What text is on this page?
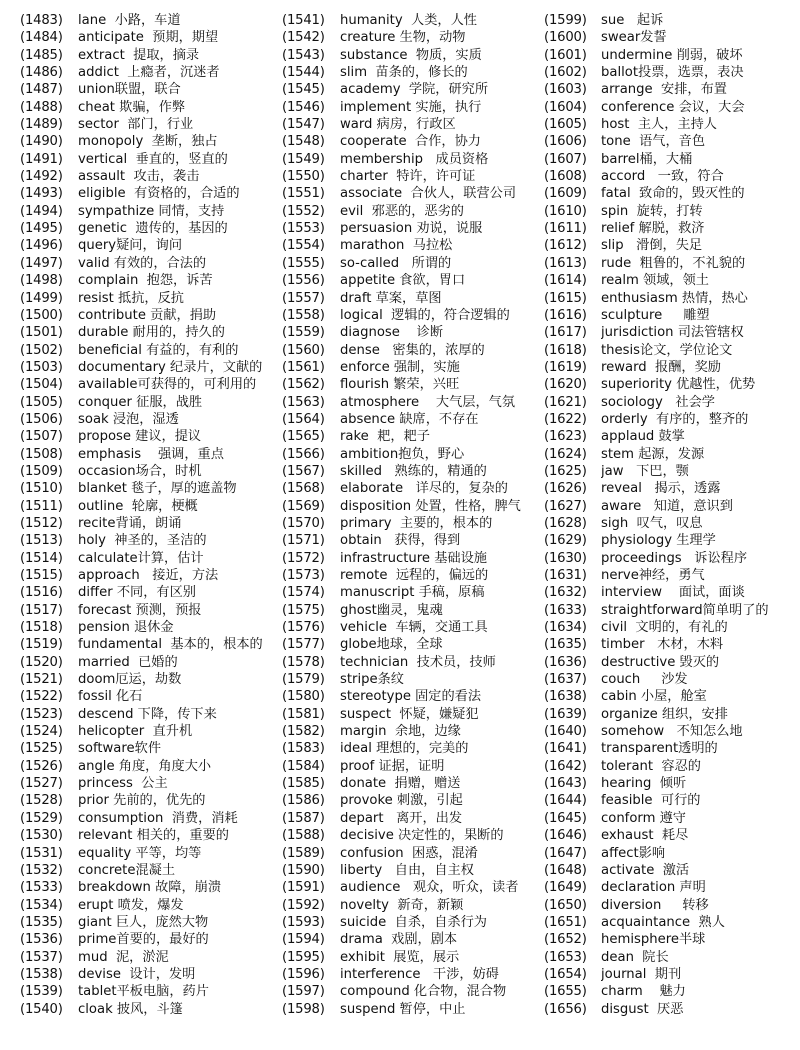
(1483)	lane  小路，车道
(1484)	anticipate  预期，期望
(1485)	extract  提取，摘录
(1486)	addict  上瘾者，沉迷者
(1487)	union联盟，联合
(1488)	cheat 欺骗，作弊
(1489)	sector  部门，行业
(1490)	monopoly  垄断，独占
(1491)	vertical  垂直的，竖直的
(1492)	assault  攻击，袭击
(1493)	eligible  有资格的，合适的
(1494)	sympathize 同情，支持
(1495)	genetic  遗传的，基因的
(1496)	query疑问，询问
(1497)	valid 有效的，合法的
(1498)	complain  抱怨，诉苦
(1499)	resist 抵抗，反抗
(1500)	contribute 贡献，捐助
(1501)	durable 耐用的，持久的
(1502)	beneficial 有益的，有利的
(1503)	documentary 纪录片，文献的
(1504)	available可获得的，可利用的
(1505)	conquer 征服，战胜
(1506)	soak 浸泡，湿透
(1507)	propose 建议，提议
(1508)	emphasis    强调，重点
(1509)	occasion场合，时机
(1510)	blanket 毯子，厚的遮盖物
(1511)	outline  轮廓，梗概
(1512)	recite背诵，朗诵
(1513)	holy  神圣的，圣洁的
(1514)	calculate计算，估计
(1515)	approach   接近，方法
(1516)	differ 不同，有区别
(1517)	forecast 预测，预报
(1518)	pension 退休金
(1519)	fundamental  基本的，根本的
(1520)	married  已婚的
(1521)	doom厄运，劫数
(1522)	fossil 化石
(1523)	descend 下降，传下来
(1524)	helicopter  直升机
(1525)	software软件
(1526)	angle 角度，角度大小
(1527)	princess  公主
(1528)	prior 先前的，优先的
(1529)	consumption  消费，消耗
(1530)	relevant 相关的，重要的
(1531)	equality 平等，均等
(1532)	concrete混凝土
(1533)	breakdown 故障，崩溃
(1534)	erupt 喷发，爆发
(1535)	giant 巨人，庞然大物
(1536)	prime首要的，最好的
(1537)	mud  泥，淤泥
(1538)	devise  设计，发明
(1539)	tablet平板电脑，药片
(1540)	cloak 披风，斗篷
(1541)	humanity  人类，人性
(1542)	creature 生物，动物
(1543)	substance  物质，实质
(1544)	slim  苗条的，修长的
(1545)	academy  学院，研究所
(1546)	implement 实施，执行
(1547)	ward 病房，行政区
(1548)	cooperate  合作，协力
(1549)	membership   成员资格
(1550)	charter  特许，许可证
(1551)	associate  合伙人，联营公司
(1552)	evil  邪恶的，恶劣的
(1553)	persuasion 劝说，说服
(1554)	marathon  马拉松
(1555)	so-called   所谓的
(1556)	appetite 食欲，胃口
(1557)	draft 草案，草图
(1558)	logical  逻辑的，符合逻辑的
(1559)	diagnose    诊断
(1560)	dense   密集的，浓厚的
(1561)	enforce 强制，实施
(1562)	flourish 繁荣，兴旺
(1563)	atmosphere    大气层，气氛
(1564)	absence 缺席，不存在
(1565)	rake  耙，耙子
(1566)	ambition抱负，野心
(1567)	skilled   熟练的，精通的
(1568)	elaborate   详尽的，复杂的
(1569)	disposition 处置，性格，脾气
(1570)	primary  主要的，根本的
(1571)	obtain   获得，得到
(1572)	infrastructure 基础设施
(1573)	remote  远程的，偏远的
(1574)	manuscript 手稿，原稿
(1575)	ghost幽灵，鬼魂
(1576)	vehicle  车辆，交通工具
(1577)	globe地球，全球
(1578)	technician  技术员，技师
(1579)	stripe条纹
(1580)	stereotype 固定的看法
(1581)	suspect  怀疑，嫌疑犯
(1582)	margin  余地，边缘
(1583)	ideal 理想的，完美的
(1584)	proof 证据，证明
(1585)	donate  捐赠，赠送
(1586)	provoke 刺激，引起
(1587)	depart   离开，出发
(1588)	decisive 决定性的，果断的
(1589)	confusion  困惑，混淆
(1590)	liberty   自由，自主权
(1591)	audience   观众，听众，读者
(1592)	novelty  新奇，新颖
(1593)	suicide  自杀，自杀行为
(1594)	drama  戏剧，剧本
(1595)	exhibit  展览，展示
(1596)	interference   干涉，妨碍
(1597)	compound 化合物，混合物
(1598)	suspend 暂停，中止
(1599)	sue   起诉
(1600)	swear发誓
(1601)	undermine 削弱，破坏
(1602)	ballot投票，选票，表决
(1603)	arrange  安排，布置
(1604)	conference 会议，大会
(1605)	host  主人，主持人
(1606)	tone  语气，音色
(1607)	barrel桶，大桶
(1608)	accord   一致，符合
(1609)	fatal  致命的，毁灭性的
(1610)	spin  旋转，打转
(1611)	relief 解脱，救济
(1612)	slip   滑倒，失足
(1613)	rude  粗鲁的，不礼貌的
(1614)	realm 领域，领土
(1615)	enthusiasm 热情，热心
(1616)	sculpture     雕塑
(1617)	jurisdiction 司法管辖权
(1618)	thesis论文，学位论文
(1619)	reward  报酬，奖励
(1620)	superiority 优越性，优势
(1621)	sociology   社会学
(1622)	orderly  有序的，整齐的
(1623)	applaud 鼓掌
(1624)	stem 起源，发源
(1625)	jaw   下巴，颚
(1626)	reveal   揭示，透露
(1627)	aware   知道，意识到
(1628)	sigh  叹气，叹息
(1629)	physiology 生理学
(1630)	proceedings   诉讼程序
(1631)	nerve神经，勇气
(1632)	interview    面试，面谈
(1633)	straightforward简单明了的
(1634)	civil  文明的，有礼的
(1635)	timber   木材，木料
(1636)	destructive 毁灭的
(1637)	couch     沙发
(1638)	cabin 小屋，舱室
(1639)	organize 组织，安排
(1640)	somehow   不知怎么地
(1641)	transparent透明的
(1642)	tolerant  容忍的
(1643)	hearing  倾听
(1644)	feasible  可行的
(1645)	conform 遵守
(1646)	exhaust  耗尽
(1647)	affect影响
(1648)	activate  激活
(1649)	declaration 声明
(1650)	diversion     转移
(1651)	acquaintance  熟人
(1652)	hemisphere半球
(1653)	dean  院长
(1654)	journal  期刊
(1655)	charm    魅力
(1656)	disgust  厌恶
